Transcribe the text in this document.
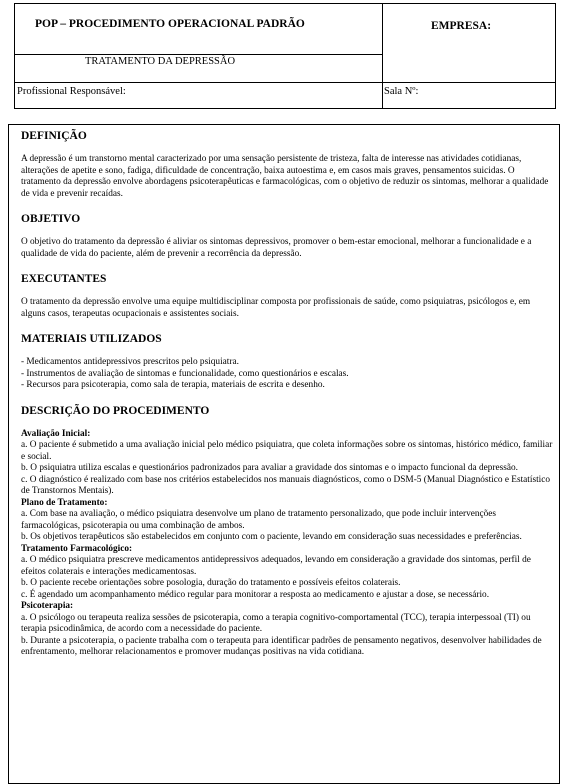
POP – PROCEDIMENTO OPERACIONAL PADRÃO	EMPRESA:
TRATAMENTO DA DEPRESSÃO
Profissional Responsável:	Sala Nº:
DEFINIÇÃO

A depressão é um transtorno mental caracterizado por uma sensação persistente de tristeza, falta de interesse nas atividades cotidianas, alterações de apetite e sono, fadiga, dificuldade de concentração, baixa autoestima e, em casos mais graves, pensamentos suicidas. O tratamento da depressão envolve abordagens psicoterapêuticas e farmacológicas, com o objetivo de reduzir os sintomas, melhorar a qualidade de vida e prevenir recaídas.

OBJETIVO

O objetivo do tratamento da depressão é aliviar os sintomas depressivos, promover o bem-estar emocional, melhorar a funcionalidade e a qualidade de vida do paciente, além de prevenir a recorrência da depressão.

EXECUTANTES

O tratamento da depressão envolve uma equipe multidisciplinar composta por profissionais de saúde, como psiquiatras, psicólogos e, em alguns casos, terapeutas ocupacionais e assistentes sociais.

MATERIAIS UTILIZADOS
- Medicamentos antidepressivos prescritos pelo psiquiatra.
- Instrumentos de avaliação de sintomas e funcionalidade, como questionários e escalas.
- Recursos para psicoterapia, como sala de terapia, materiais de escrita e desenho.
DESCRIÇÃO DO PROCEDIMENTO
Avaliação Inicial:
a. O paciente é submetido a uma avaliação inicial pelo médico psiquiatra, que coleta informações sobre os sintomas, histórico médico, familiar e social.
b. O psiquiatra utiliza escalas e questionários padronizados para avaliar a gravidade dos sintomas e o impacto funcional da depressão.
c. O diagnóstico é realizado com base nos critérios estabelecidos nos manuais diagnósticos, como o DSM-5 (Manual Diagnóstico e Estatístico de Transtornos Mentais).
Plano de Tratamento:
a. Com base na avaliação, o médico psiquiatra desenvolve um plano de tratamento personalizado, que pode incluir intervenções farmacológicas, psicoterapia ou uma combinação de ambos.
b. Os objetivos terapêuticos são estabelecidos em conjunto com o paciente, levando em consideração suas necessidades e preferências.
Tratamento Farmacológico:
a. O médico psiquiatra prescreve medicamentos antidepressivos adequados, levando em consideração a gravidade dos sintomas, perfil de efeitos colaterais e interações medicamentosas.
b. O paciente recebe orientações sobre posologia, duração do tratamento e possíveis efeitos colaterais.
c. É agendado um acompanhamento médico regular para monitorar a resposta ao medicamento e ajustar a dose, se necessário.
Psicoterapia:
a. O psicólogo ou terapeuta realiza sessões de psicoterapia, como a terapia cognitivo-comportamental (TCC), terapia interpessoal (TI) ou terapia psicodinâmica, de acordo com a necessidade do paciente.
b. Durante a psicoterapia, o paciente trabalha com o terapeuta para identificar padrões de pensamento negativos, desenvolver habilidades de enfrentamento, melhorar relacionamentos e promover mudanças positivas na vida cotidiana.
